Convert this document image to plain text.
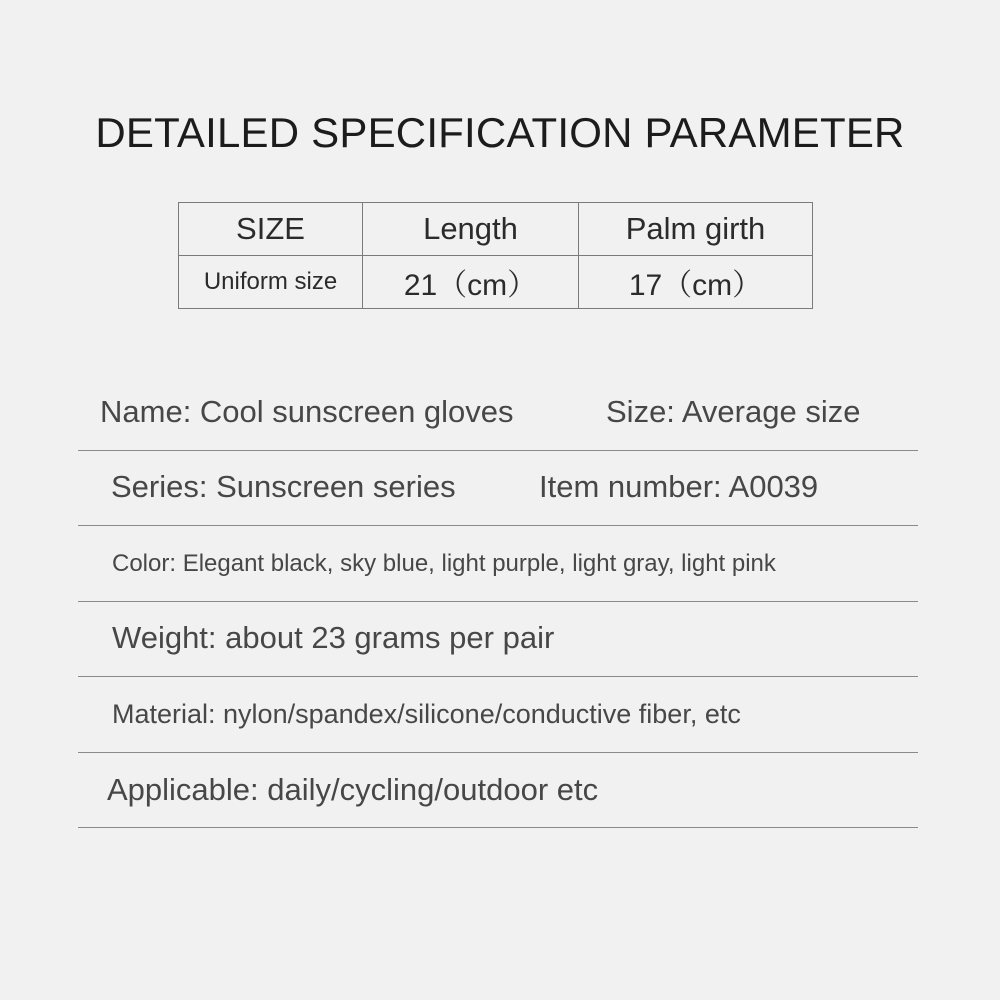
DETAILED SPECIFICATION PARAMETER
SIZE	Length	Palm girth
Uniform size	21（cm）	17（cm）
Name: Cool sunscreen gloves	Size: Average size
Series: Sunscreen series	Item number: A0039
Color: Elegant black, sky blue, light purple, light gray, light pink
Weight: about 23 grams per pair
Material: nylon/spandex/silicone/conductive fiber, etc
Applicable: daily/cycling/outdoor etc
